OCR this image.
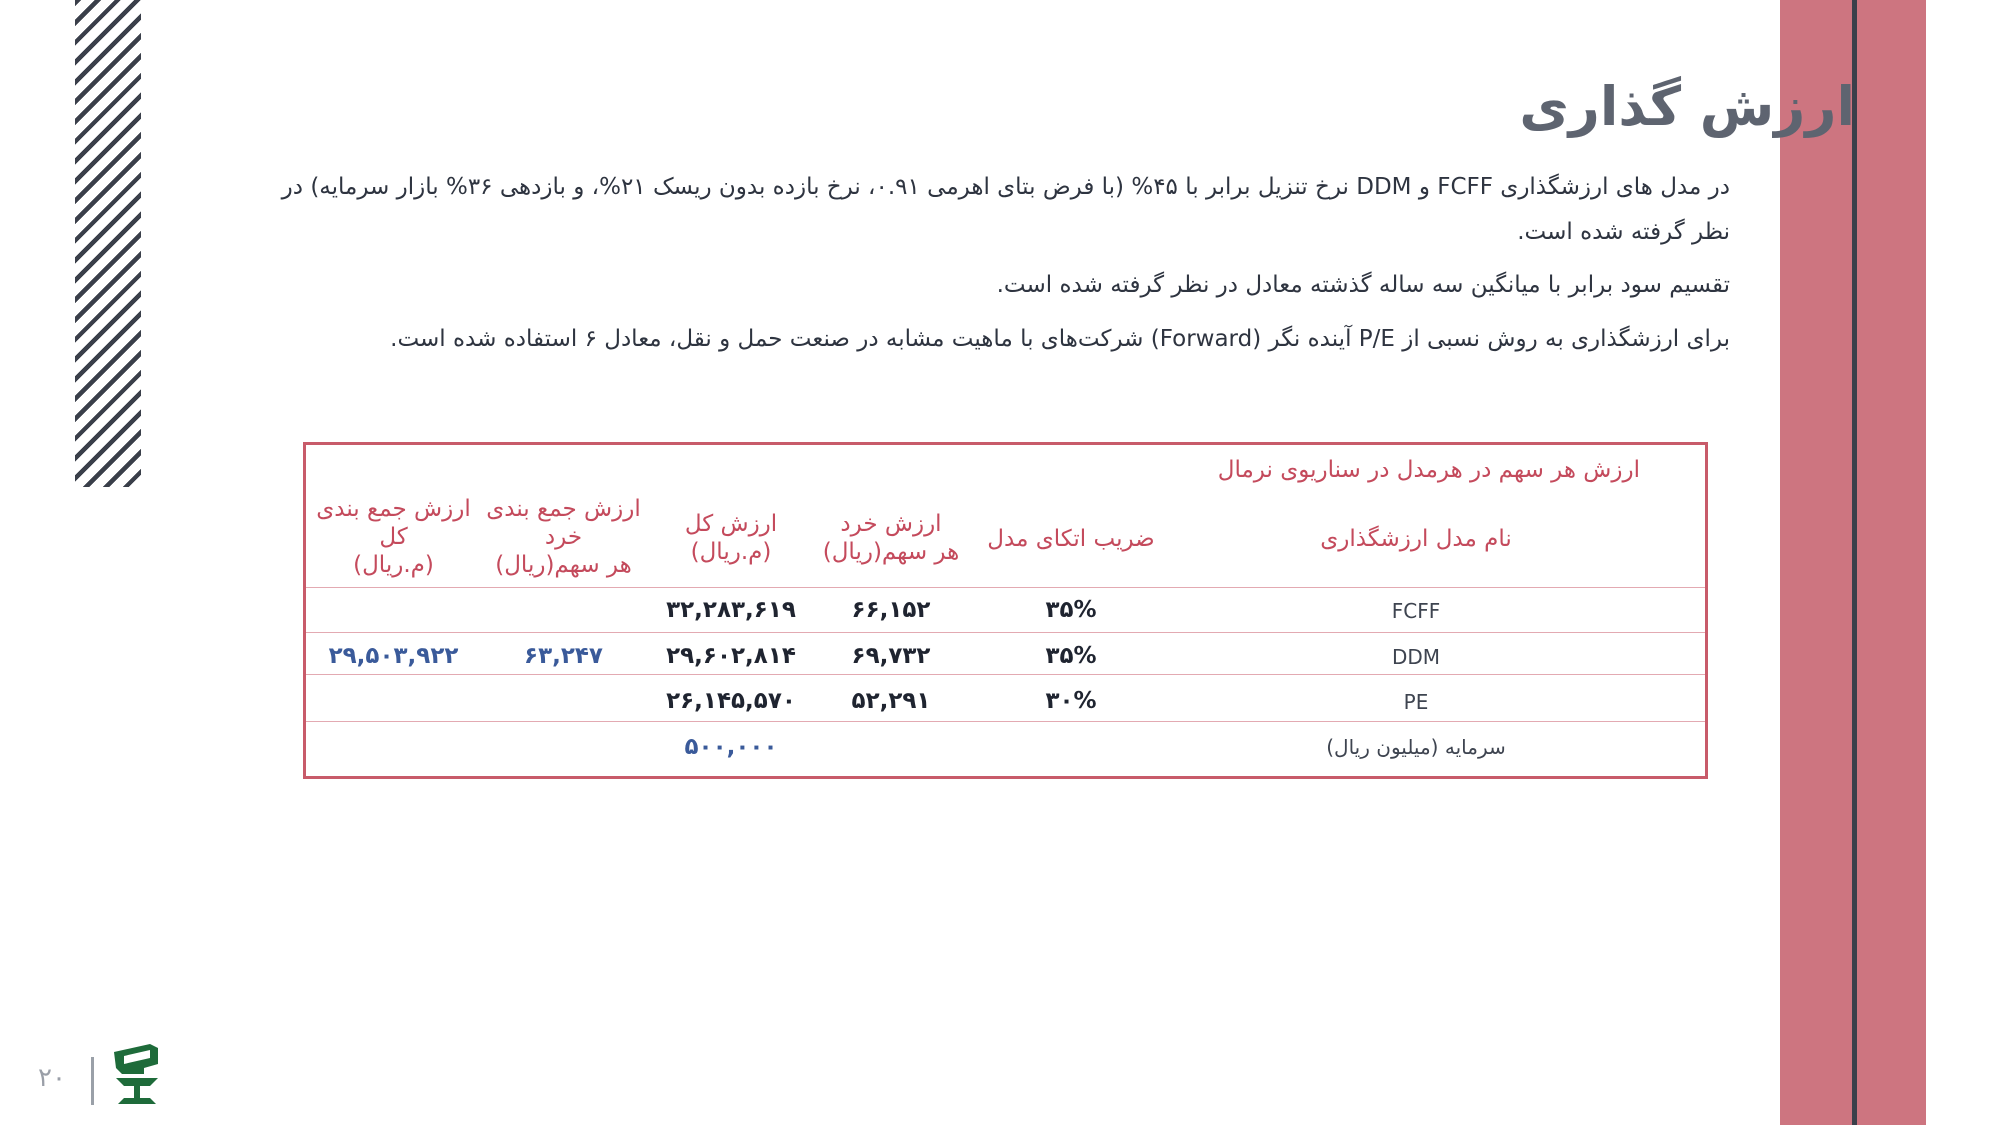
ارزش گذاری
در مدل های ارزشگذاری FCFF و DDM نرخ تنزیل برابر با ۴۵% (با فرض بتای اهرمی ۰.۹۱، نرخ بازده بدون ریسک ۲۱%، و بازدهی ۳۶% بازار سرمایه) در نظر گرفته شده است.
تقسیم سود برابر با میانگین سه ساله گذشته معادل در نظر گرفته شده است.
برای ارزشگذاری به روش نسبی از P/E آینده نگر (Forward) شرکت‌های با ماهیت مشابه در صنعت حمل و نقل، معادل ۶ استفاده شده است.
ارزش هر سهم در هرمدل در سناریوی نرمال
نام مدل ارزشگذاری
ضریب اتکای مدل
ارزش خرد
هر سهم(ریال)
ارزش کل
(م.ریال)
ارزش جمع بندی
خرد
هر سهم(ریال)
ارزش جمع بندی
کل
(م.ریال)
FCFF
۳۵%
۶۶,۱۵۲
۳۲,۲۸۳,۶۱۹
DDM
۳۵%
۶۹,۷۳۲
۲۹,۶۰۲,۸۱۴
۶۳,۲۴۷
۲۹,۵۰۳,۹۲۲
PE
۳۰%
۵۲,۲۹۱
۲۶,۱۴۵,۵۷۰
سرمایه (میلیون ریال)
۵۰۰,۰۰۰
۲۰
